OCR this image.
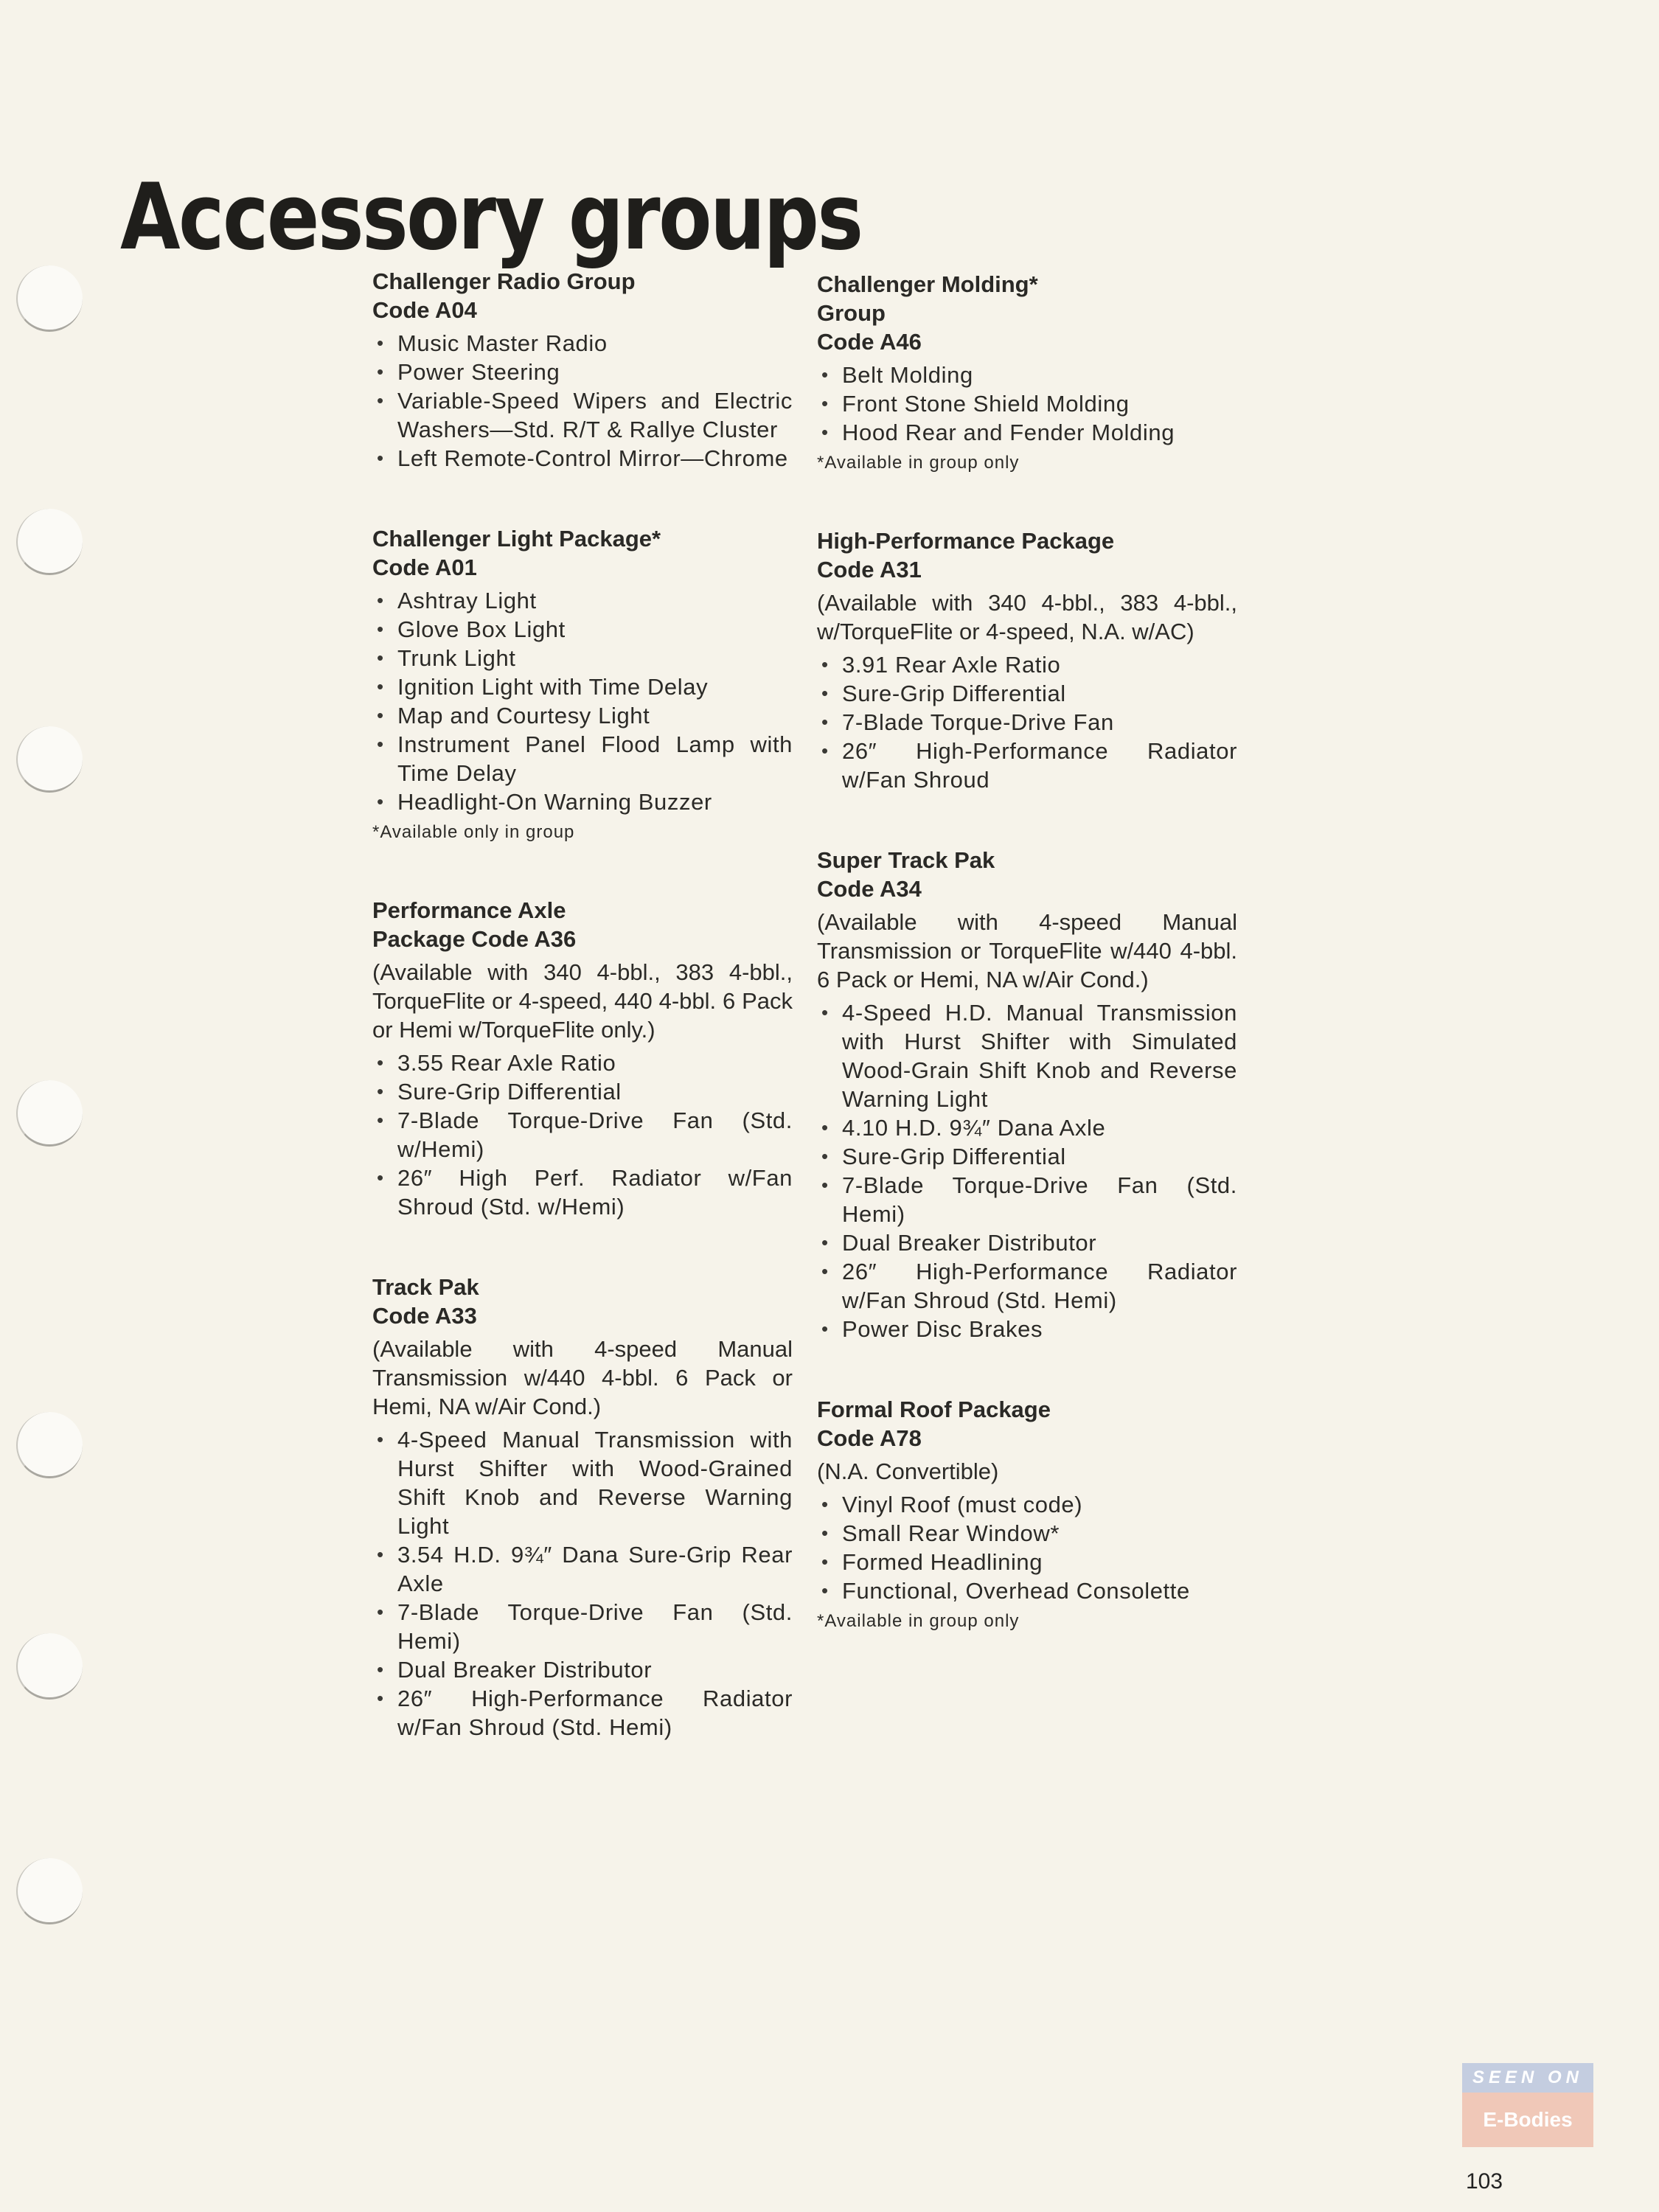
Accessory groups
Challenger Radio Group
Code A04
• Music Master Radio
• Power Steering
• Variable-Speed Wipers and Electric Washers—Std. R/T & Rallye Cluster
• Left Remote-Control Mirror—Chrome
Challenger Light Package*
Code A01
• Ashtray Light
• Glove Box Light
• Trunk Light
• Ignition Light with Time Delay
• Map and Courtesy Light
• Instrument Panel Flood Lamp with Time Delay
• Headlight-On Warning Buzzer
*Available only in group
Performance Axle
Package Code A36
(Available with 340 4-bbl., 383 4-bbl., TorqueFlite or 4-speed, 440 4-bbl. 6 Pack or Hemi w/TorqueFlite only.)
• 3.55 Rear Axle Ratio
• Sure-Grip Differential
• 7-Blade Torque-Drive Fan (Std. w/Hemi)
• 26″ High Perf. Radiator w/Fan Shroud (Std. w/Hemi)
Track Pak
Code A33
(Available with 4-speed Manual Transmission w/440 4-bbl. 6 Pack or Hemi, NA w/Air Cond.)
• 4-Speed Manual Transmission with Hurst Shifter with Wood-Grained Shift Knob and Reverse Warning Light
• 3.54 H.D. 9¾″ Dana Sure-Grip Rear Axle
• 7-Blade Torque-Drive Fan (Std. Hemi)
• Dual Breaker Distributor
• 26″ High-Performance Radiator w/Fan Shroud (Std. Hemi)
Challenger Molding*
Group
Code A46
• Belt Molding
• Front Stone Shield Molding
• Hood Rear and Fender Molding
*Available in group only
High-Performance Package
Code A31
(Available with 340 4-bbl., 383 4-bbl., w/TorqueFlite or 4-speed, N.A. w/AC)
• 3.91 Rear Axle Ratio
• Sure-Grip Differential
• 7-Blade Torque-Drive Fan
• 26″ High-Performance Radiator w/Fan Shroud
Super Track Pak
Code A34
(Available with 4-speed Manual Transmission or TorqueFlite w/440 4-bbl. 6 Pack or Hemi, NA w/Air Cond.)
• 4-Speed H.D. Manual Transmission with Hurst Shifter with Simulated Wood-Grain Shift Knob and Reverse Warning Light
• 4.10 H.D. 9¾″ Dana Axle
• Sure-Grip Differential
• 7-Blade Torque-Drive Fan (Std. Hemi)
• Dual Breaker Distributor
• 26″ High-Performance Radiator w/Fan Shroud (Std. Hemi)
• Power Disc Brakes
Formal Roof Package
Code A78
(N.A. Convertible)
• Vinyl Roof (must code)
• Small Rear Window*
• Formed Headlining
• Functional, Overhead Consolette
*Available in group only
SEEN ON
E-Bodies
103
